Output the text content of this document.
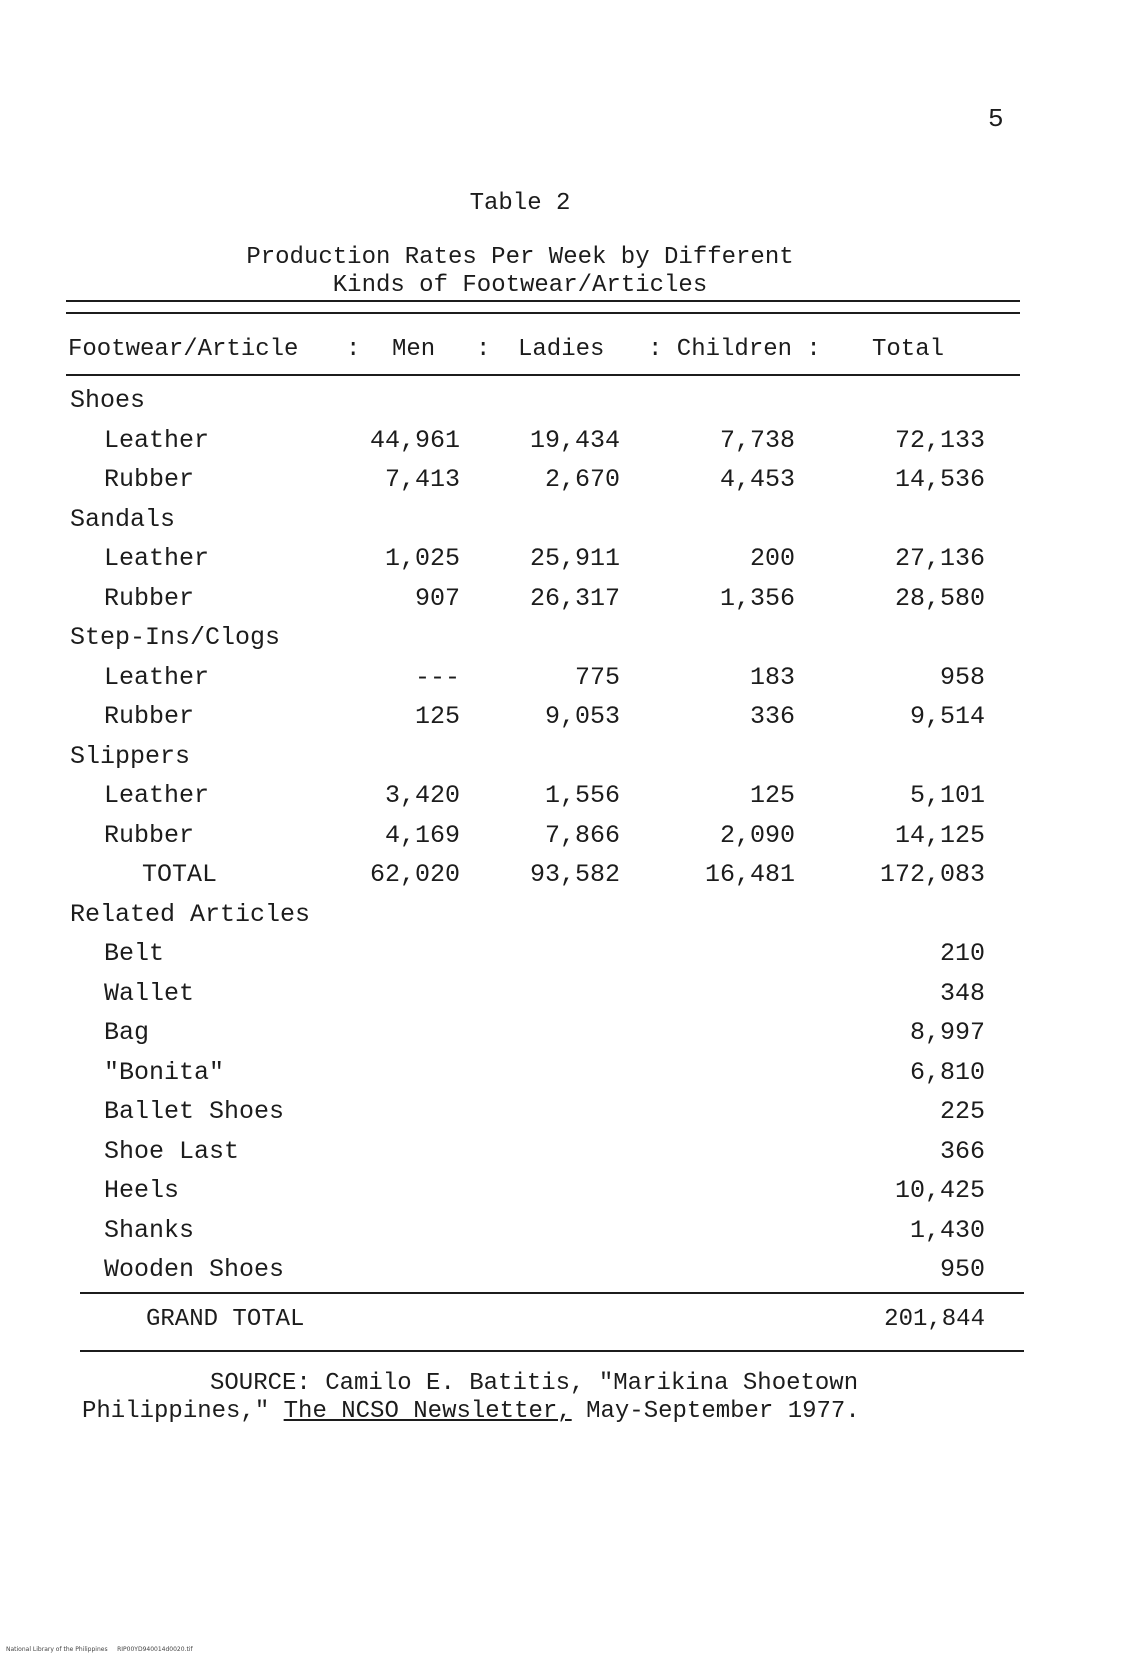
5
Table 2
Production Rates Per Week by Different
Kinds of Footwear/Articles
Footwear/Article : Men : Ladies : Children : Total
Shoes
Leather	44,961	19,434	7,738	72,133
Rubber	7,413	2,670	4,453	14,536
Sandals
Leather	1,025	25,911	200	27,136
Rubber	907	26,317	1,356	28,580
Step-Ins/Clogs
Leather	---	775	183	958
Rubber	125	9,053	336	9,514
Slippers
Leather	3,420	1,556	125	5,101
Rubber	4,169	7,866	2,090	14,125
TOTAL	62,020	93,582	16,481	172,083
Related Articles
Belt	210
Wallet	348
Bag	8,997
"Bonita"	6,810
Ballet Shoes	225
Shoe Last	366
Heels	10,425
Shanks	1,430
Wooden Shoes	950
GRAND TOTAL	201,844
SOURCE: Camilo E. Batitis, "Marikina Shoetown
Philippines," The NCSO Newsletter, May-September 1977.
National Library of the Philippines     RIP00YD940014d0020.tif
